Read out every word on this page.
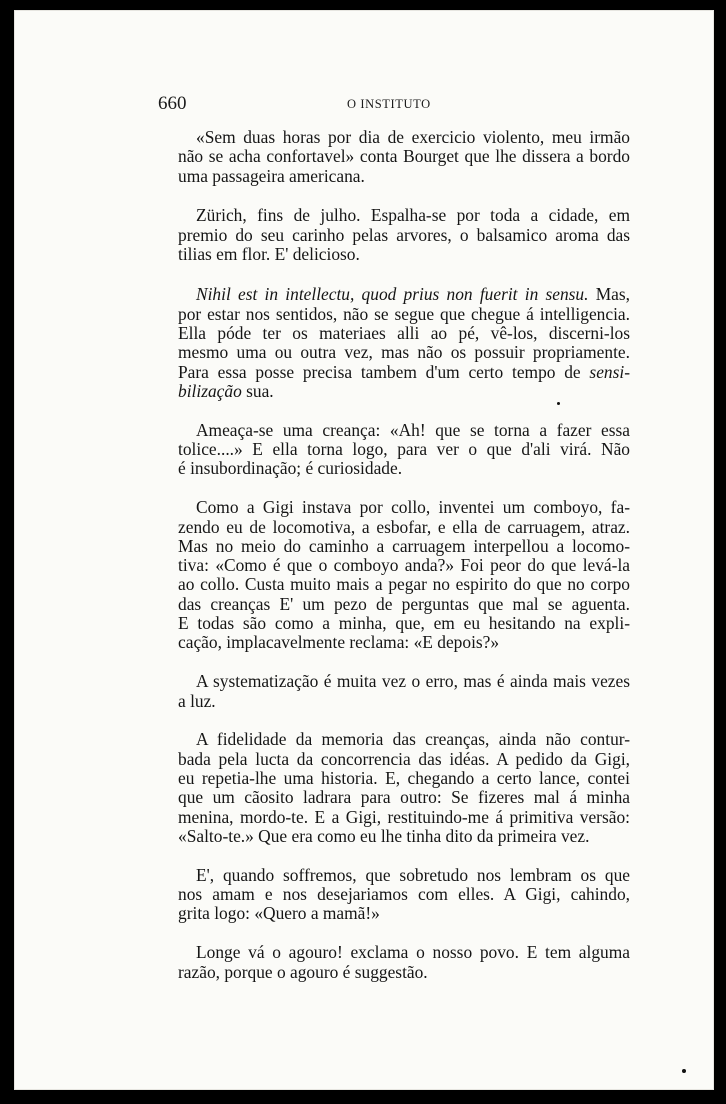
660	O INSTITUTO

«Sem duas horas por dia de exercicio violento, meu irmão
não se acha confortavel» conta Bourget que lhe dissera a bordo
uma passageira americana.

Zürich, fins de julho. Espalha-se por toda a cidade, em
premio do seu carinho pelas arvores, o balsamico aroma das
tilias em flor. E' delicioso.

Nihil est in intellectu, quod prius non fuerit in sensu. Mas,
por estar nos sentidos, não se segue que chegue á intelligencia.
Ella póde ter os materiaes alli ao pé, vê-los, discerni-los
mesmo uma ou outra vez, mas não os possuir propriamente.
Para essa posse precisa tambem d'um certo tempo de sensi-
bilização sua.

Ameaça-se uma creança: «Ah! que se torna a fazer essa
tolice....» E ella torna logo, para ver o que d'ali virá. Não
é insubordinação; é curiosidade.

Como a Gigi instava por collo, inventei um comboyo, fa-
zendo eu de locomotiva, a esbofar, e ella de carruagem, atraz.
Mas no meio do caminho a carruagem interpellou a locomo-
tiva: «Como é que o comboyo anda?» Foi peor do que levá-la
ao collo. Custa muito mais a pegar no espirito do que no corpo
das creanças E' um pezo de perguntas que mal se aguenta.
E todas são como a minha, que, em eu hesitando na expli-
cação, implacavelmente reclama: «E depois?»

A systematização é muita vez o erro, mas é ainda mais vezes
a luz.

A fidelidade da memoria das creanças, ainda não contur-
bada pela lucta da concorrencia das idéas. A pedido da Gigi,
eu repetia-lhe uma historia. E, chegando a certo lance, contei
que um cãosito ladrara para outro: Se fizeres mal á minha
menina, mordo-te. E a Gigi, restituindo-me á primitiva versão:
«Salto-te.» Que era como eu lhe tinha dito da primeira vez.

E', quando soffremos, que sobretudo nos lembram os que
nos amam e nos desejariamos com elles. A Gigi, cahindo,
grita logo: «Quero a mamã!»

Longe vá o agouro! exclama o nosso povo. E tem alguma
razão, porque o agouro é suggestão.
